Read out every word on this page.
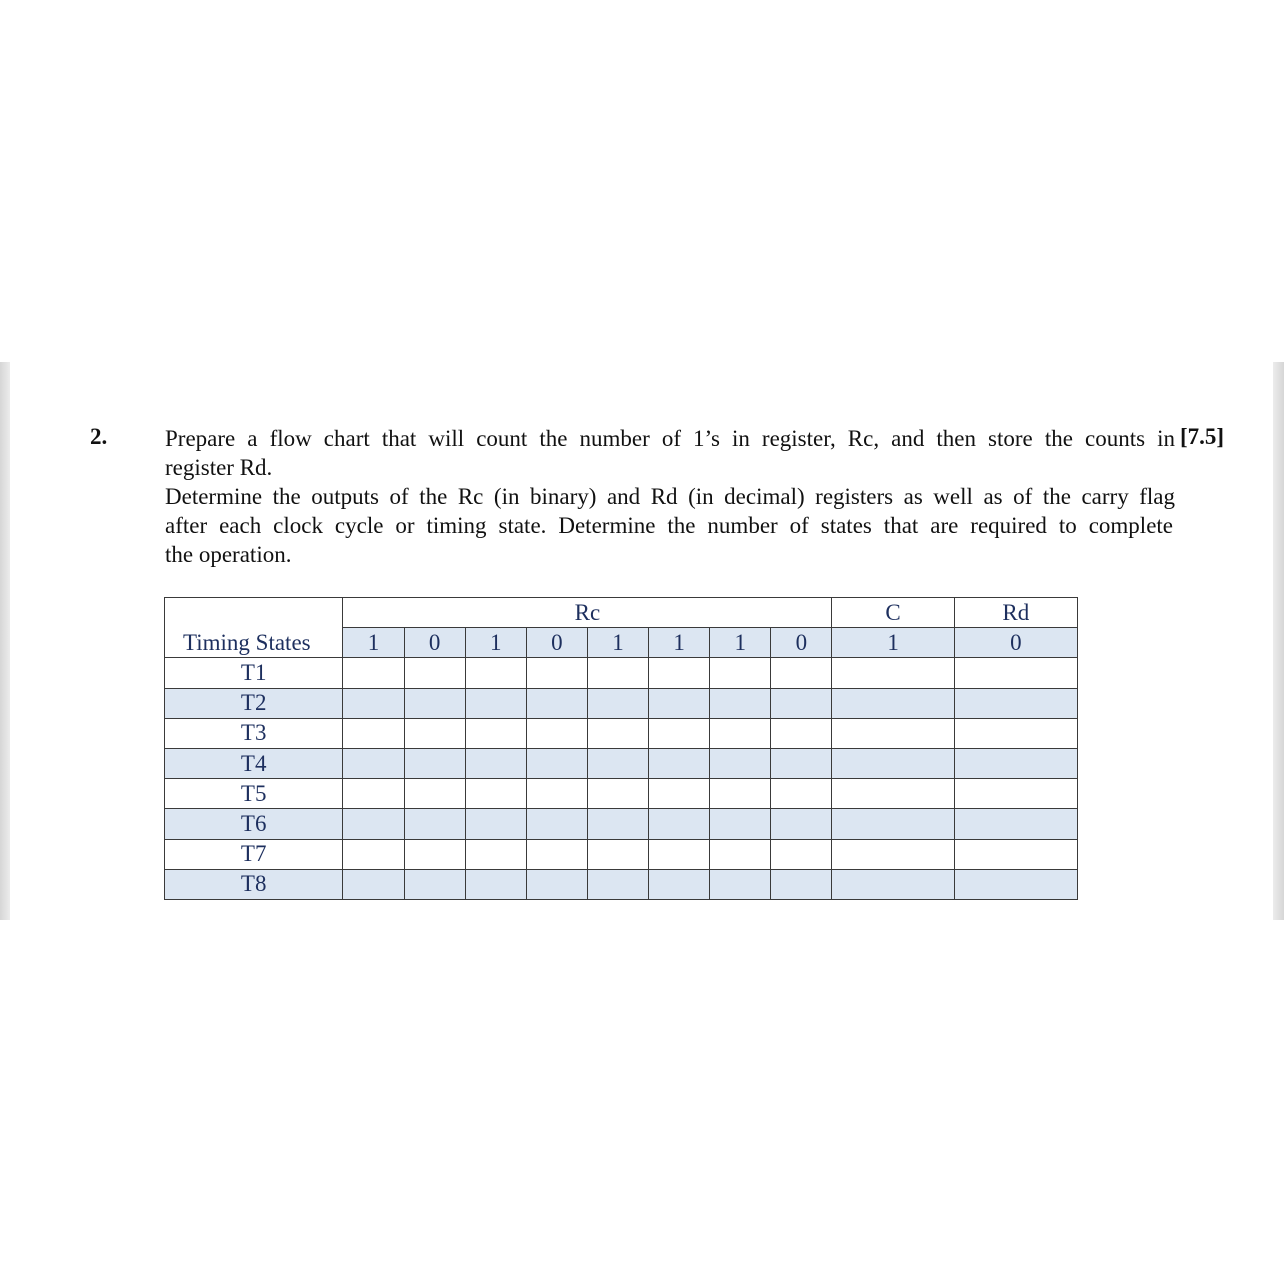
2.	[7.5]
Prepare a flow chart that will count the number of 1’s in register, Rc, and then store the counts in
register Rd.
Determine the outputs of the Rc (in binary) and Rd (in decimal) registers as well as of the carry flag
after each clock cycle or timing state. Determine the number of states that are required to complete
the operation.
	Rc								C	Rd
Timing States	1	0	1	0	1	1	1	0	1	0
T1										
T2										
T3										
T4										
T5										
T6										
T7										
T8										
